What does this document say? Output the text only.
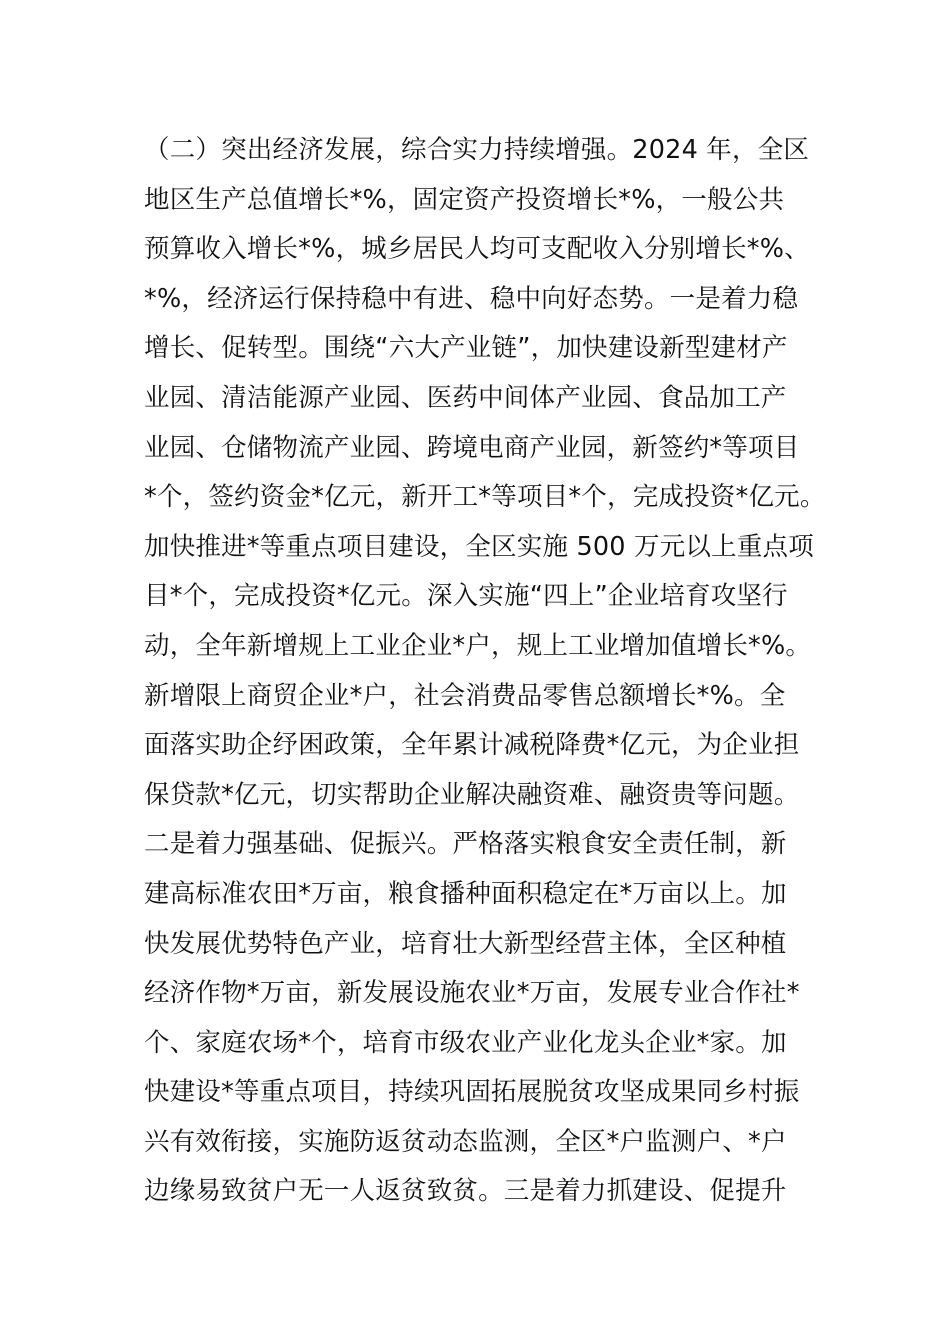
（二）突出经济发展，综合实力持续增强。2024 年，全区
地区生产总值增长*%，固定资产投资增长*%，一般公共
预算收入增长*%，城乡居民人均可支配收入分别增长*%、
*%，经济运行保持稳中有进、稳中向好态势。一是着力稳
增长、促转型。围绕“六大产业链”，加快建设新型建材产
业园、清洁能源产业园、医药中间体产业园、食品加工产
业园、仓储物流产业园、跨境电商产业园，新签约*等项目
*个，签约资金*亿元，新开工*等项目*个，完成投资*亿元。
加快推进*等重点项目建设，全区实施 500 万元以上重点项
目*个，完成投资*亿元。深入实施“四上”企业培育攻坚行
动，全年新增规上工业企业*户，规上工业增加值增长*%。
新增限上商贸企业*户，社会消费品零售总额增长*%。全
面落实助企纾困政策，全年累计减税降费*亿元，为企业担
保贷款*亿元，切实帮助企业解决融资难、融资贵等问题。
二是着力强基础、促振兴。严格落实粮食安全责任制，新
建高标准农田*万亩，粮食播种面积稳定在*万亩以上。加
快发展优势特色产业，培育壮大新型经营主体，全区种植
经济作物*万亩，新发展设施农业*万亩，发展专业合作社*
个、家庭农场*个，培育市级农业产业化龙头企业*家。加
快建设*等重点项目，持续巩固拓展脱贫攻坚成果同乡村振
兴有效衔接，实施防返贫动态监测，全区*户监测户、*户
边缘易致贫户无一人返贫致贫。三是着力抓建设、促提升
